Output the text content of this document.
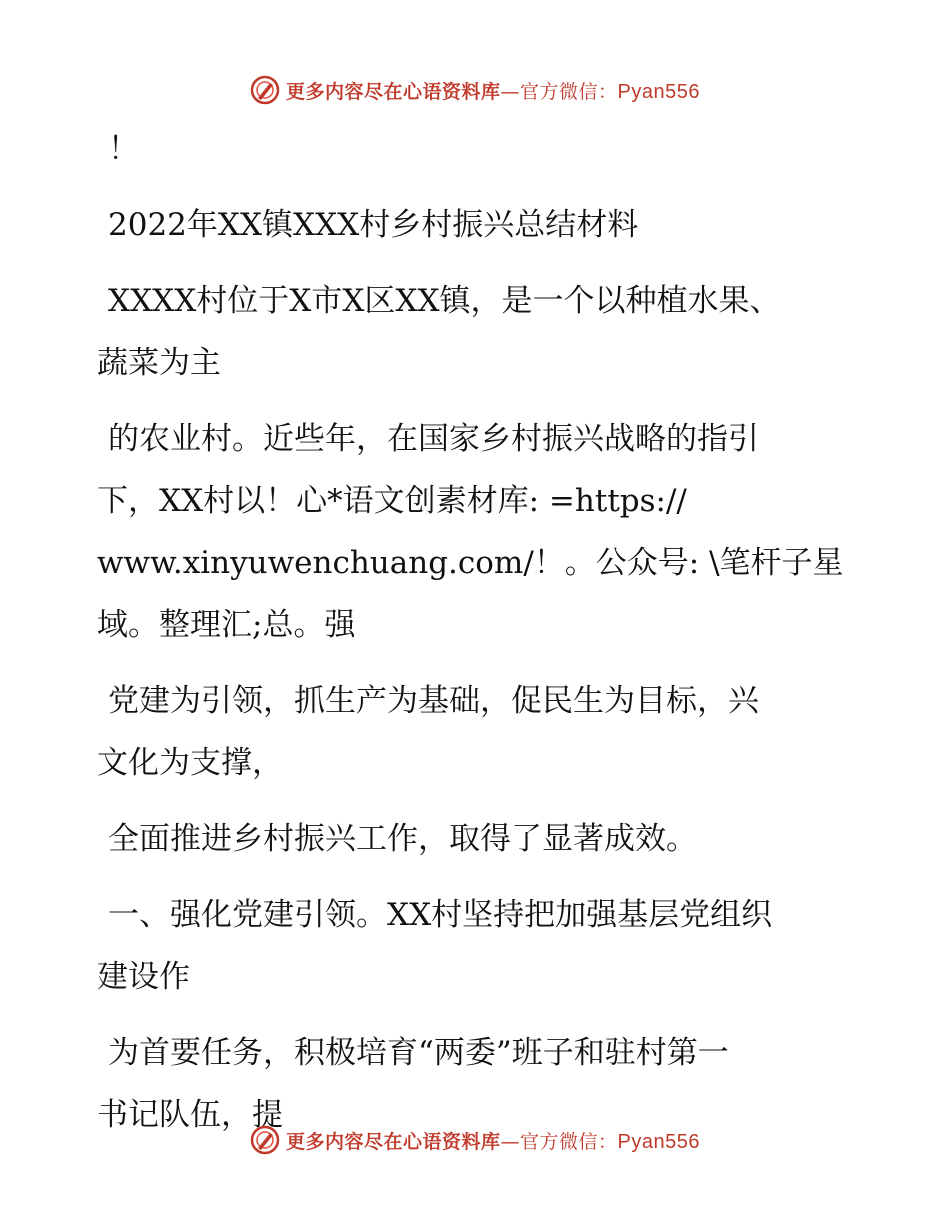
更多内容尽在心语资料库—官方微信：Pyan556

！

2022年XX镇XXX村乡村振兴总结材料

XXXX村位于X市X区XX镇，是一个以种植水果、

蔬菜为主

的农业村。近些年，在国家乡村振兴战略的指引

下，XX村以！心*语文创素材库: =https://

www.xinyuwenchuang.com/！。公众号: \笔杆子星

域。整理汇;总。强

党建为引领，抓生产为基础，促民生为目标，兴

文化为支撑，

全面推进乡村振兴工作，取得了显著成效。

一、强化党建引领。XX村坚持把加强基层党组织

建设作

为首要任务，积极培育“两委”班子和驻村第一

书记队伍，提

更多内容尽在心语资料库—官方微信：Pyan556
